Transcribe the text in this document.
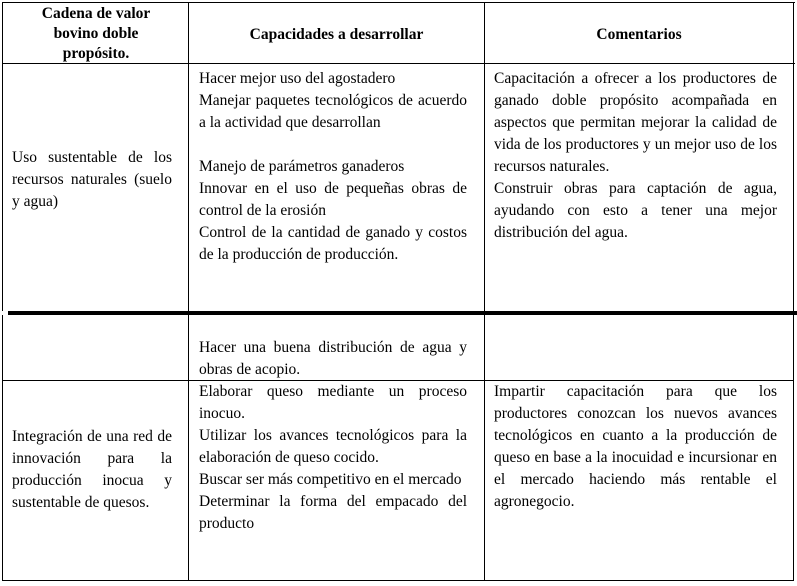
Cadena de valor bovino doble propósito.
Capacidades a desarrollar	Comentarios
Uso sustentable de los recursos naturales (suelo y agua)

Hacer mejor uso del agostadero

Manejar paquetes tecnológicos de acuerdo a la actividad que desarrollan

Manejo de parámetros ganaderos

Innovar en el uso de pequeñas obras de control de la erosión

Control de la cantidad de ganado y costos de la producción de producción.

Capacitación a ofrecer a los productores de ganado doble propósito acompañada en aspectos que permitan mejorar la calidad de vida de los productores y un mejor uso de los recursos naturales.

Construir obras para captación de agua, ayudando con esto a tener una mejor distribución del agua.

Hacer una buena distribución de agua y obras de acopio.

Integración de una red de innovación para la producción inocua y sustentable de quesos.

Elaborar queso mediante un proceso inocuo.

Utilizar los avances tecnológicos para la elaboración de queso cocido.

Buscar ser más competitivo en el mercado

Determinar la forma del empacado del producto

Impartir capacitación para que los productores conozcan los nuevos avances tecnológicos en cuanto a la producción de queso en base a la inocuidad e incursionar en el mercado haciendo más rentable el agronegocio.
